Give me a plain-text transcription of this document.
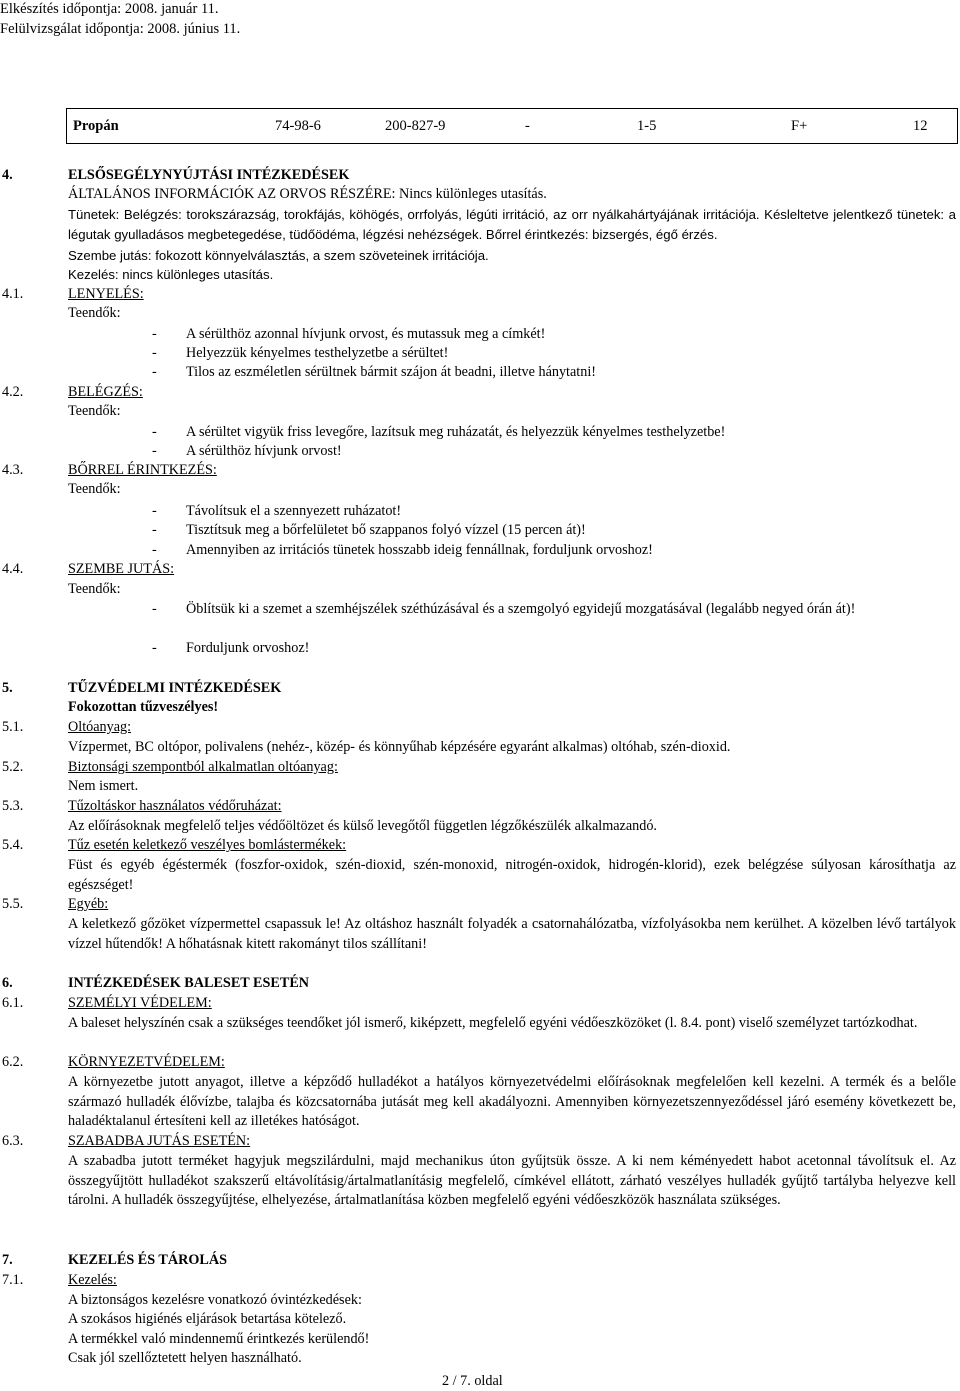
Elkészítés időpontja: 2008. január 11.
Felülvizsgálat időpontja: 2008. június 11.
Propán	74-98-6	200-827-9	-	1-5	F+	12
4.	ELSŐSEGÉLYNYÚJTÁSI INTÉZKEDÉSEK
ÁLTALÁNOS INFORMÁCIÓK AZ ORVOS RÉSZÉRE: Nincs különleges utasítás.
Tünetek: Belégzés: torokszárazság, torokfájás, köhögés, orrfolyás, légúti irritáció, az orr nyálkahártyájának irritációja. Késleltetve jelentkező tünetek: a légutak gyulladásos megbetegedése, tüdőödéma, légzési nehézségek. Bőrrel érintkezés: bizsergés, égő érzés.
Szembe jutás: fokozott könnyelválasztás, a szem szöveteinek irritációja.
Kezelés: nincs különleges utasítás.
4.1.	LENYELÉS:
Teendők:
- A sérülthöz azonnal hívjunk orvost, és mutassuk meg a címkét!
- Helyezzük kényelmes testhelyzetbe a sérültet!
- Tilos az eszméletlen sérültnek bármit szájon át beadni, illetve hánytatni!
4.2.	BELÉGZÉS:
Teendők:
- A sérültet vigyük friss levegőre, lazítsuk meg ruházatát, és helyezzük kényelmes testhelyzetbe!
- A sérülthöz hívjunk orvost!
4.3.	BŐRREL ÉRINTKEZÉS:
Teendők:
- Távolítsuk el a szennyezett ruházatot!
- Tisztítsuk meg a bőrfelületet bő szappanos folyó vízzel (15 percen át)!
- Amennyiben az irritációs tünetek hosszabb ideig fennállnak, forduljunk orvoshoz!
4.4.	SZEMBE JUTÁS:
Teendők:
- Öblítsük ki a szemet a szemhéjszélek széthúzásával és a szemgolyó egyidejű mozgatásával (legalább negyed órán át)!
- Forduljunk orvoshoz!
5.	TŰZVÉDELMI INTÉZKEDÉSEK
Fokozottan tűzveszélyes!
5.1.	Oltóanyag:
Vízpermet, BC oltópor, polivalens (nehéz-, közép- és könnyűhab képzésére egyaránt alkalmas) oltóhab, szén-dioxid.
5.2.	Biztonsági szempontból alkalmatlan oltóanyag:
Nem ismert.
5.3.	Tűzoltáskor használatos védőruházat:
Az előírásoknak megfelelő teljes védőöltözet és külső levegőtől független légzőkészülék alkalmazandó.
5.4.	Tűz esetén keletkező veszélyes bomlástermékek:
Füst és egyéb égéstermék (foszfor-oxidok, szén-dioxid, szén-monoxid, nitrogén-oxidok, hidrogén-klorid), ezek belégzése súlyosan károsíthatja az egészséget!
5.5.	Egyéb:
A keletkező gőzöket vízpermettel csapassuk le! Az oltáshoz használt folyadék a csatornahálózatba, vízfolyásokba nem kerülhet. A közelben lévő tartályok vízzel hűtendők! A hőhatásnak kitett rakományt tilos szállítani!
6.	INTÉZKEDÉSEK BALESET ESETÉN
6.1.	SZEMÉLYI VÉDELEM:
A baleset helyszínén csak a szükséges teendőket jól ismerő, kiképzett, megfelelő egyéni védőeszközöket (l. 8.4. pont) viselő személyzet tartózkodhat.
6.2.	KÖRNYEZETVÉDELEM:
A környezetbe jutott anyagot, illetve a képződő hulladékot a hatályos környezetvédelmi előírásoknak megfelelően kell kezelni. A termék és a belőle származó hulladék élővízbe, talajba és közcsatornába jutását meg kell akadályozni. Amennyiben környezetszennyeződéssel járó esemény következett be, haladéktalanul értesíteni kell az illetékes hatóságot.
6.3.	SZABADBA JUTÁS ESETÉN:
A szabadba jutott terméket hagyjuk megszilárdulni, majd mechanikus úton gyűjtsük össze. A ki nem kéményedett habot acetonnal távolítsuk el. Az összegyűjtött hulladékot szakszerű eltávolításig/ártalmatlanításig megfelelő, címkével ellátott, zárható veszélyes hulladék gyűjtő tartályba helyezve kell tárolni. A hulladék összegyűjtése, elhelyezése, ártalmatlanítása közben megfelelő egyéni védőeszközök használata szükséges.
7.	KEZELÉS ÉS TÁROLÁS
7.1.	Kezelés:
A biztonságos kezelésre vonatkozó óvintézkedések:
A szokásos higiénés eljárások betartása kötelező.
A termékkel való mindennemű érintkezés kerülendő!
Csak jól szellőztetett helyen használható.
2 / 7. oldal
